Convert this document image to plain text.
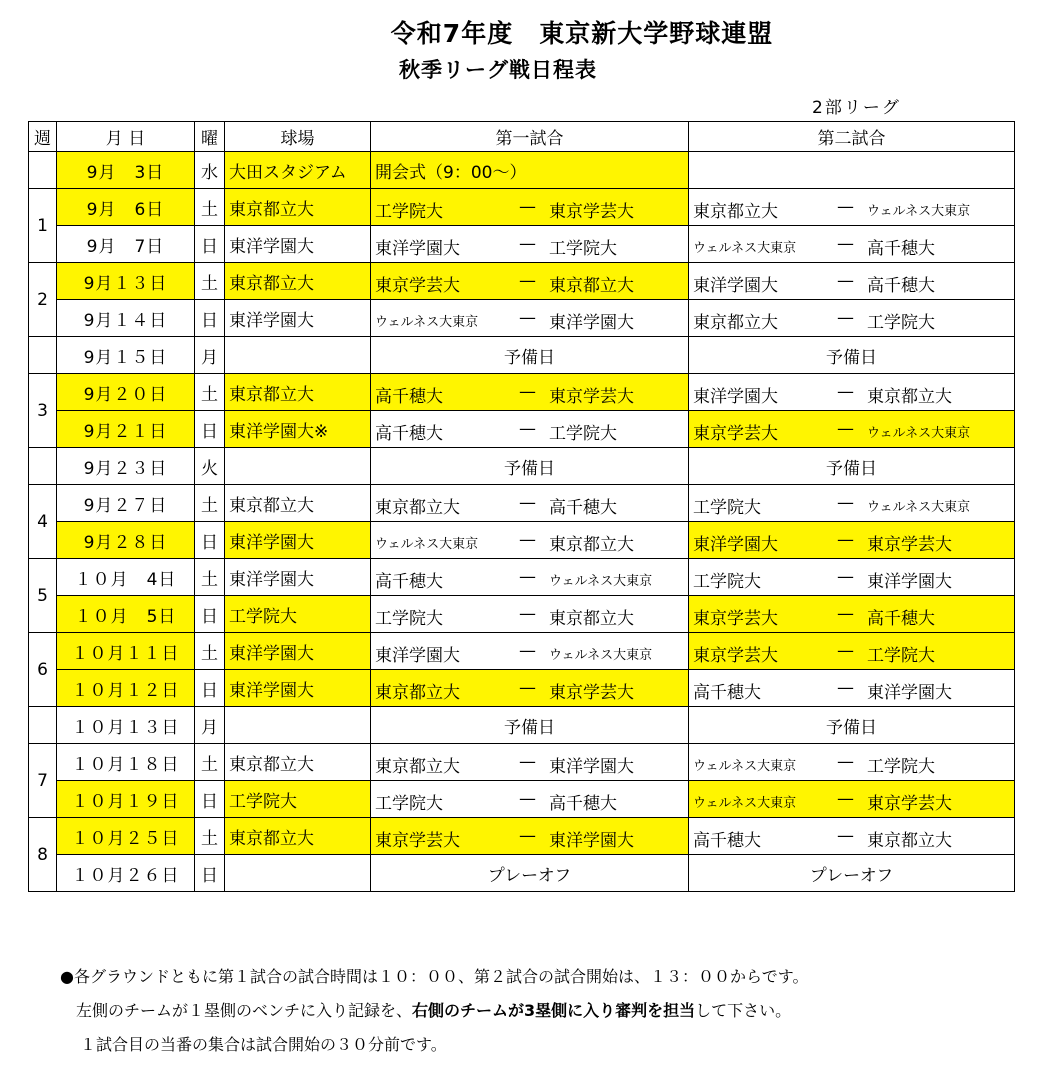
令和7年度　東京新大学野球連盟
秋季リーグ戦日程表
2部リーグ
週	月 日	曜	球場	第一試合	第二試合
	9月　3日	水	大田スタジアム	開会式（9：00～）	
1	9月　6日	土	東京都立大	工学院大 — 東京学芸大	東京都立大 — ウェルネス大東京

	9月　7日	日	東洋学園大	東洋学園大 — 工学院大	ウェルネス大東京 — 高千穂大

2	9月１３日	土	東京都立大	東京学芸大 — 東京都立大	東洋学園大 — 高千穂大

	9月１４日	日	東洋学園大	ウェルネス大東京 — 東洋学園大	東京都立大 — 工学院大

	9月１５日	月		予備日	予備日
3	9月２０日	土	東京都立大	高千穂大 — 東京学芸大	東洋学園大 — 東京都立大

	9月２１日	日	東洋学園大※	高千穂大 — 工学院大	東京学芸大 — ウェルネス大東京

	9月２３日	火		予備日	予備日
4	9月２７日	土	東京都立大	東京都立大 — 高千穂大	工学院大 — ウェルネス大東京

	9月２８日	日	東洋学園大	ウェルネス大東京 — 東京都立大	東洋学園大 — 東京学芸大

5	１０月　4日	土	東洋学園大	高千穂大 — ウェルネス大東京	工学院大 — 東洋学園大

	１０月　5日	日	工学院大	工学院大 — 東京都立大	東京学芸大 — 高千穂大

6	１０月１１日	土	東洋学園大	東洋学園大 — ウェルネス大東京	東京学芸大 — 工学院大

	１０月１２日	日	東洋学園大	東京都立大 — 東京学芸大	高千穂大 — 東洋学園大

	１０月１３日	月		予備日	予備日
7	１０月１８日	土	東京都立大	東京都立大 — 東洋学園大	ウェルネス大東京 — 工学院大

	１０月１９日	日	工学院大	工学院大 — 高千穂大	ウェルネス大東京 — 東京学芸大

8	１０月２５日	土	東京都立大	東京学芸大 — 東洋学園大	高千穂大 — 東京都立大

	１０月２６日	日		プレーオフ	プレーオフ
●各グラウンドともに第１試合の試合時間は１０：００、第２試合の試合開始は、１３：００からです。
左側のチームが１塁側のベンチに入り記録を、右側のチームが3塁側に入り審判を担当して下さい。
１試合目の当番の集合は試合開始の３０分前です。
